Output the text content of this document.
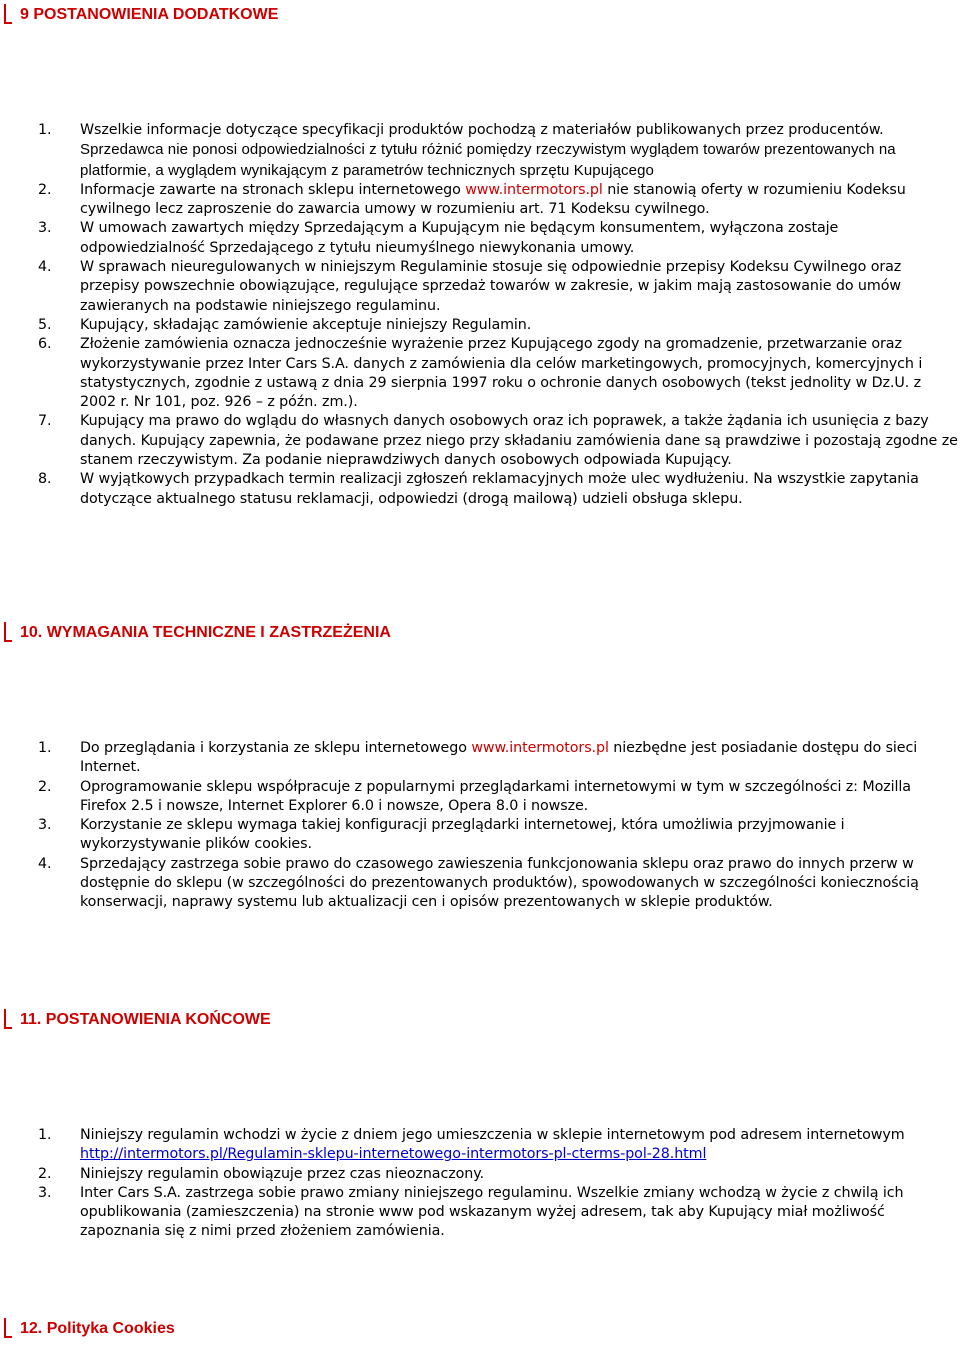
9 POSTANOWIENIA DODATKOWE
1. Wszelkie informacje dotyczące specyfikacji produktów pochodzą z materiałów publikowanych przez producentów. Sprzedawca nie ponosi odpowiedzialności z tytułu różnić pomiędzy rzeczywistym wyglądem towarów prezentowanych na platformie, a wyglądem wynikającym z parametrów technicznych sprzętu Kupującego
2. Informacje zawarte na stronach sklepu internetowego www.intermotors.pl nie stanowią oferty w rozumieniu Kodeksu cywilnego lecz zaproszenie do zawarcia umowy w rozumieniu art. 71 Kodeksu cywilnego.
3. W umowach zawartych między Sprzedającym a Kupującym nie będącym konsumentem, wyłączona zostaje odpowiedzialność Sprzedającego z tytułu nieumyślnego niewykonania umowy.
4. W sprawach nieuregulowanych w niniejszym Regulaminie stosuje się odpowiednie przepisy Kodeksu Cywilnego oraz przepisy powszechnie obowiązujące, regulujące sprzedaż towarów w zakresie, w jakim mają zastosowanie do umów zawieranych na podstawie niniejszego regulaminu.
5. Kupujący, składając zamówienie akceptuje niniejszy Regulamin.
6. Złożenie zamówienia oznacza jednocześnie wyrażenie przez Kupującego zgody na gromadzenie, przetwarzanie oraz wykorzystywanie przez Inter Cars S.A. danych z zamówienia dla celów marketingowych, promocyjnych, komercyjnych i statystycznych, zgodnie z ustawą z dnia 29 sierpnia 1997 roku o ochronie danych osobowych (tekst jednolity w Dz.U. z 2002 r. Nr 101, poz. 926 – z późn. zm.).
7. Kupujący ma prawo do wglądu do własnych danych osobowych oraz ich poprawek, a także żądania ich usunięcia z bazy danych. Kupujący zapewnia, że podawane przez niego przy składaniu zamówienia dane są prawdziwe i pozostają zgodne ze stanem rzeczywistym. Za podanie nieprawdziwych danych osobowych odpowiada Kupujący.
8. W wyjątkowych przypadkach termin realizacji zgłoszeń reklamacyjnych może ulec wydłużeniu. Na wszystkie zapytania dotyczące aktualnego statusu reklamacji, odpowiedzi (drogą mailową) udzieli obsługa sklepu.
10. WYMAGANIA TECHNICZNE I ZASTRZEŻENIA
1. Do przeglądania i korzystania ze sklepu internetowego www.intermotors.pl niezbędne jest posiadanie dostępu do sieci Internet.
2. Oprogramowanie sklepu współpracuje z popularnymi przeglądarkami internetowymi w tym w szczególności z: Mozilla Firefox 2.5 i nowsze, Internet Explorer 6.0 i nowsze, Opera 8.0 i nowsze.
3. Korzystanie ze sklepu wymaga takiej konfiguracji przeglądarki internetowej, która umożliwia przyjmowanie i wykorzystywanie plików cookies.
4. Sprzedający zastrzega sobie prawo do czasowego zawieszenia funkcjonowania sklepu oraz prawo do innych przerw w dostępnie do sklepu (w szczególności do prezentowanych produktów), spowodowanych w szczególności koniecznością konserwacji, naprawy systemu lub aktualizacji cen i opisów prezentowanych w sklepie produktów.
11. POSTANOWIENIA KOŃCOWE
1. Niniejszy regulamin wchodzi w życie z dniem jego umieszczenia w sklepie internetowym pod adresem internetowym http://intermotors.pl/Regulamin-sklepu-internetowego-intermotors-pl-cterms-pol-28.html
2. Niniejszy regulamin obowiązuje przez czas nieoznaczony.
3. Inter Cars S.A. zastrzega sobie prawo zmiany niniejszego regulaminu. Wszelkie zmiany wchodzą w życie z chwilą ich opublikowania (zamieszczenia) na stronie www pod wskazanym wyżej adresem, tak aby Kupujący miał możliwość zapoznania się z nimi przed złożeniem zamówienia.
12. Polityka Cookies
